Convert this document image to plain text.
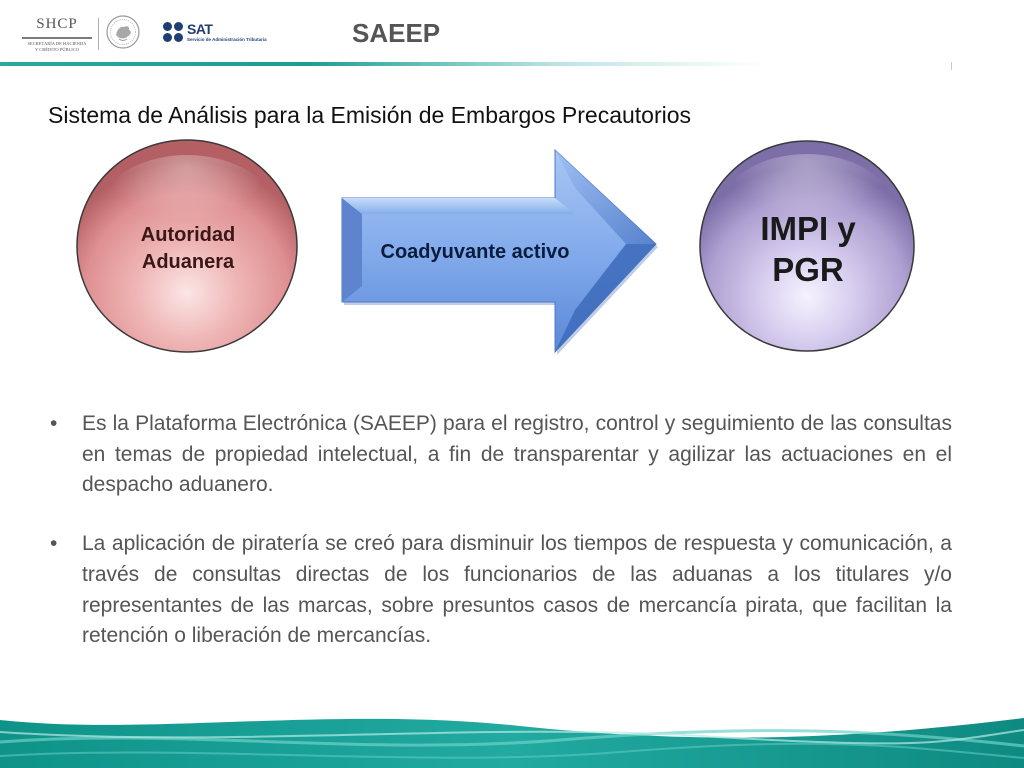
SHCP
SECRETARÍA DE HACIENDA
Y CRÉDITO PÚBLICO
SAT
Servicio de Administración Tributaria	SAEEP
Sistema de Análisis para la Emisión de Embargos Precautorios
Autoridad
Aduanera	Coadyuvante activo
IMPI y
PGR
• Es la Plataforma Electrónica (SAEEP) para el registro, control y seguimiento de las consultas en temas de propiedad intelectual, a fin de transparentar y agilizar las actuaciones en el despacho aduanero.
• La aplicación de piratería se creó para disminuir los tiempos de respuesta y comunicación, a través de consultas directas de los funcionarios de las aduanas a los titulares y/o representantes de las marcas, sobre presuntos casos de mercancía pirata, que facilitan la retención o liberación de mercancías.
